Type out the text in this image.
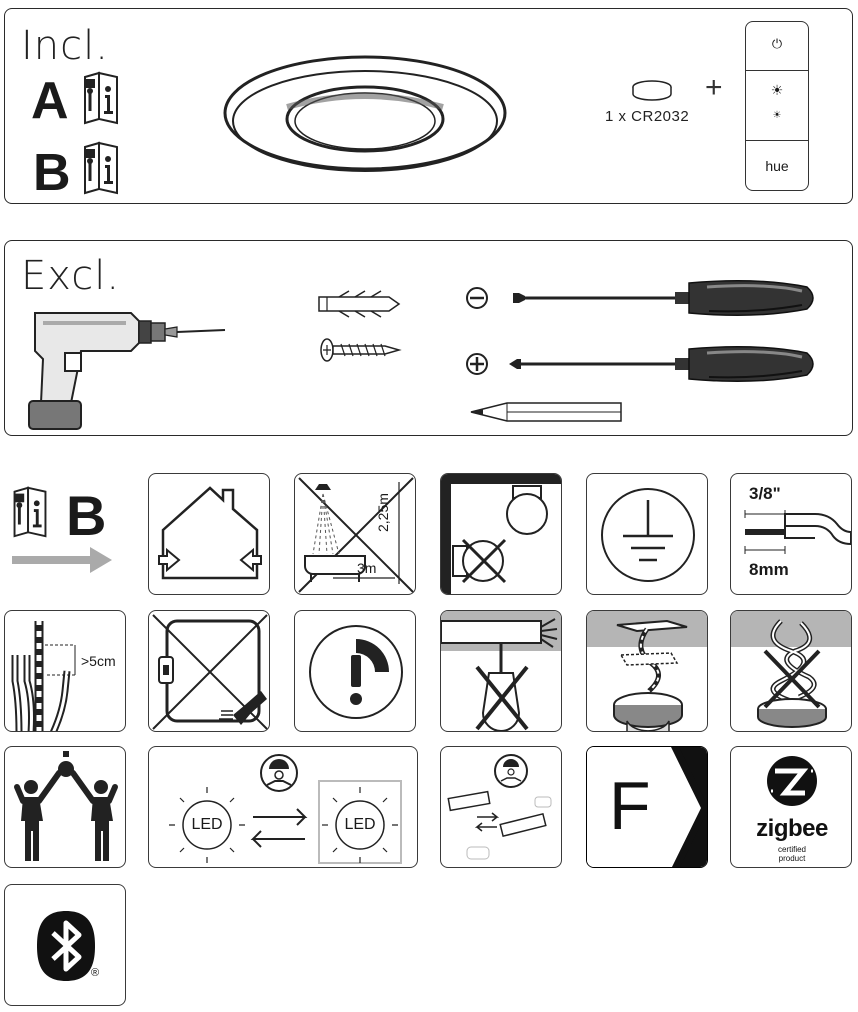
Incl.
A
B
1 x CR2032
+
⏻
☀
☀
hue
Excl.

B	2,25m
3m
3/8"
8mm
>5cm
LED	LED	F	zigbee
certified
product
®
